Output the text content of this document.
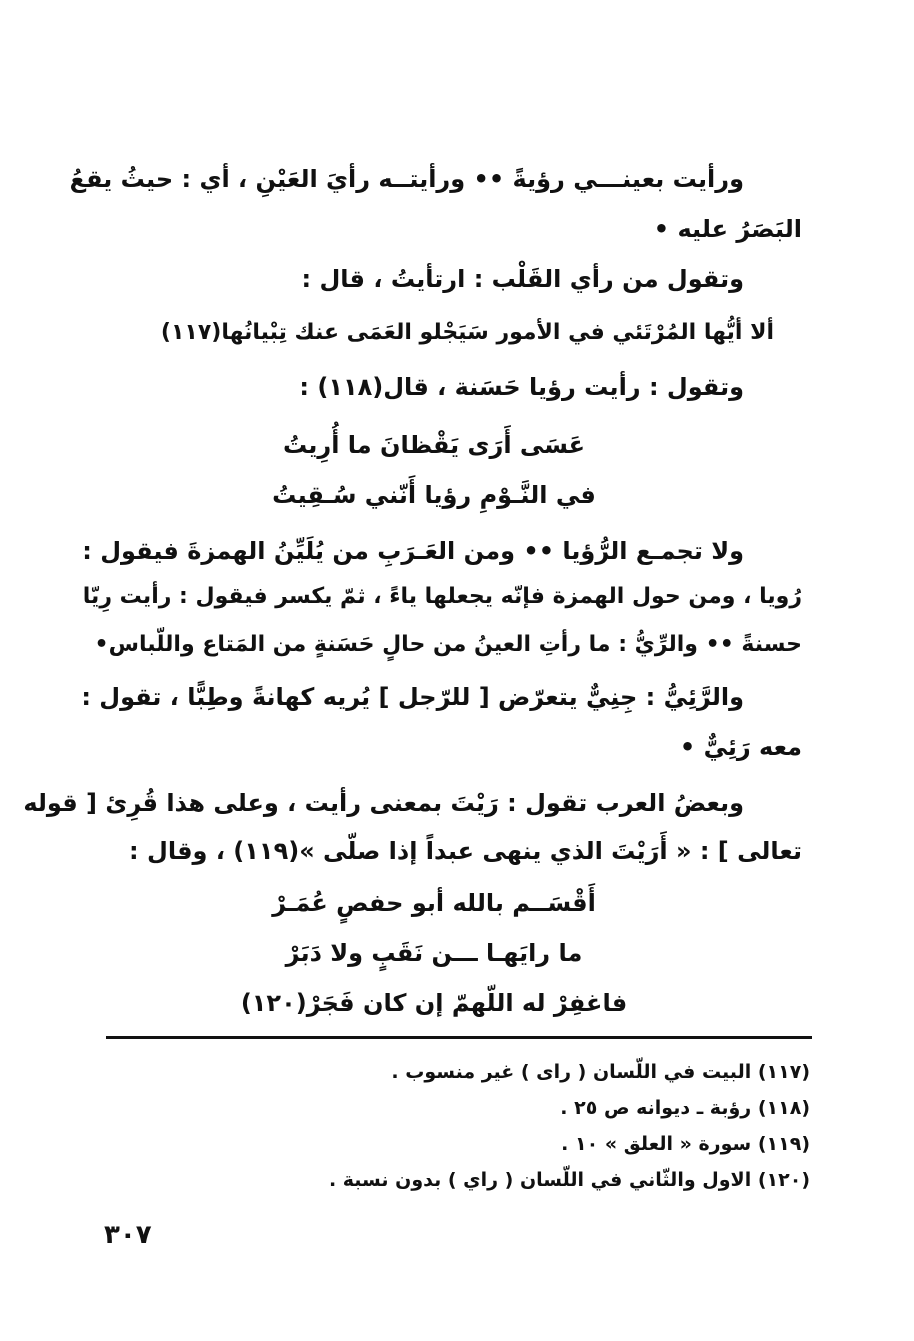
ورأيت بعينـــي رؤيةً •• ورأيتــه رأيَ العَيْنِ ، أي : حيثُ يقعُ
البَصَرُ عليه •
وتقول من رأي القَلْب : ارتأيتُ ، قال :
ألا أيُّها المُرْتَئي في الأمور سَيَجْلو العَمَى عنك تِبْيانُها(١١٧)
وتقول : رأيت رؤيا حَسَنة ، قال(١١٨) :
عَسَى أَرَى يَقْظانَ ما أُرِيتُ
في النَّـوْمِ رؤيا أَنّني سُـقِيتُ
ولا تجمـع الرُّؤيا •• ومن العَـرَبِ من يُلَيِّنُ الهمزةَ فيقول :
رُويا ، ومن حول الهمزة فإنّه يجعلها ياءً ، ثمّ يكسر فيقول : رأيت رِيّا
حسنةً •• والرِّيُّ : ما رأتِ العينُ من حالٍ حَسَنةٍ من المَتاع واللّباس•
والرَّئِيُّ : جِنِيٌّ يتعرّض [ للرّجل ] يُريه كهانةً وطِبًّا ، تقول :
معه رَئِيٌّ •
وبعضُ العرب تقول : رَيْتَ بمعنى رأيت ، وعلى هذا قُرِئ [ قوله
تعالى ] : « أَرَيْتَ الذي ينهى عبداً إذا صلّى »(١١٩) ، وقال :
أَقْسَــم بالله أبو حفصٍ عُمَـرْ
ما رايَهـا ـــن نَقَبٍ ولا دَبَرْ
فاغفِرْ له اللّهمّ إن كان فَجَرْ(١٢٠)
(١١٧) البيت في اللّسان ( راى ) غير منسوب .
(١١٨) رؤبة ـ ديوانه ص ٢٥ .
(١١٩) سورة « العلق » ١٠ .
(١٢٠) الاول والثّاني في اللّسان ( راي ) بدون نسبة .
٣٠٧
